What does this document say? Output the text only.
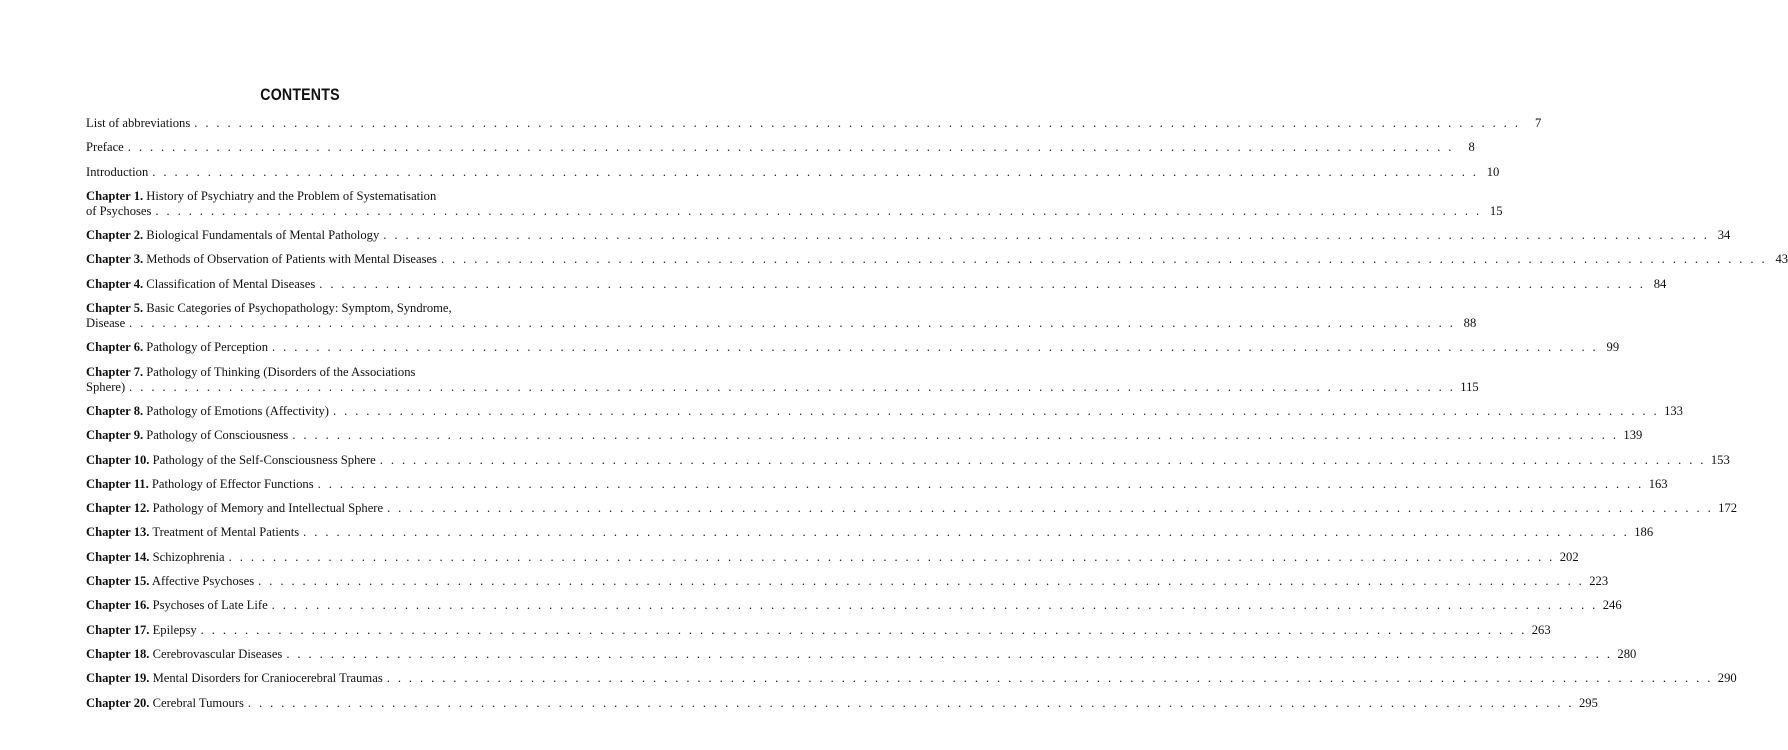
CONTENTS
List of abbreviations . . . . . . . . . . . . . . . . . . . . . . . . . . . . . . . . . . . . . . . . . . . . . . . . . . . . . . . . . . . . . . . . . . . . . . . . . . . . . . . . . . . . . . . . . . . . . . . . . . . . . . . . . . . . . . . . . . . . . . . .	7
Preface . . . . . . . . . . . . . . . . . . . . . . . . . . . . . . . . . . . . . . . . . . . . . . . . . . . . . . . . . . . . . . . . . . . . . . . . . . . . . . . . . . . . . . . . . . . . . . . . . . . . . . . . . . . . . . . . . . . . . . . .	8
Introduction . . . . . . . . . . . . . . . . . . . . . . . . . . . . . . . . . . . . . . . . . . . . . . . . . . . . . . . . . . . . . . . . . . . . . . . . . . . . . . . . . . . . . . . . . . . . . . . . . . . . . . . . . . . . . . . . . . . . . . . . 10
Chapter 1. History of Psychiatry and the Problem of Systematisation
of Psychoses . . . . . . . . . . . . . . . . . . . . . . . . . . . . . . . . . . . . . . . . . . . . . . . . . . . . . . . . . . . . . . . . . . . . . . . . . . . . . . . . . . . . . . . . . . . . . . . . . . . . . . . . . . . . . . . . . . . . . . . . 15
Chapter 2. Biological Fundamentals of Mental Pathology . . . . . . . . . . . . . . . . . . . . . . . . . . . . . . . . . . . . . . . . . . . . . . . . . . . . . . . . . . . . . . . . . . . . . . . . . . . . . . . . . . . . . . . . . . . . . . . . . . . . . . . . . . . . . . . . . . . . . . . . 34
Chapter 3. Methods of Observation of Patients with Mental Diseases . . . . . . . . . . . . . . . . . . . . . . . . . . . . . . . . . . . . . . . . . . . . . . . . . . . . . . . . . . . . . . . . . . . . . . . . . . . . . . . . . . . . . . . . . . . . . . . . . . . . . . . . . . . . . . . . . . . . . . . . 43
Chapter 4. Classification of Mental Diseases . . . . . . . . . . . . . . . . . . . . . . . . . . . . . . . . . . . . . . . . . . . . . . . . . . . . . . . . . . . . . . . . . . . . . . . . . . . . . . . . . . . . . . . . . . . . . . . . . . . . . . . . . . . . . . . . . . . . . . . . 84
Chapter 5. Basic Categories of Psychopathology: Symptom, Syndrome,
Disease . . . . . . . . . . . . . . . . . . . . . . . . . . . . . . . . . . . . . . . . . . . . . . . . . . . . . . . . . . . . . . . . . . . . . . . . . . . . . . . . . . . . . . . . . . . . . . . . . . . . . . . . . . . . . . . . . . . . . . . . 88
Chapter 6. Pathology of Perception . . . . . . . . . . . . . . . . . . . . . . . . . . . . . . . . . . . . . . . . . . . . . . . . . . . . . . . . . . . . . . . . . . . . . . . . . . . . . . . . . . . . . . . . . . . . . . . . . . . . . . . . . . . . . . . . . . . . . . . . 99
Chapter 7. Pathology of Thinking (Disorders of the Associations
Sphere) . . . . . . . . . . . . . . . . . . . . . . . . . . . . . . . . . . . . . . . . . . . . . . . . . . . . . . . . . . . . . . . . . . . . . . . . . . . . . . . . . . . . . . . . . . . . . . . . . . . . . . . . . . . . . . . . . . . . . . . . 115
Chapter 8. Pathology of Emotions (Affectivity) . . . . . . . . . . . . . . . . . . . . . . . . . . . . . . . . . . . . . . . . . . . . . . . . . . . . . . . . . . . . . . . . . . . . . . . . . . . . . . . . . . . . . . . . . . . . . . . . . . . . . . . . . . . . . . . . . . . . . . . . 133
Chapter 9. Pathology of Consciousness . . . . . . . . . . . . . . . . . . . . . . . . . . . . . . . . . . . . . . . . . . . . . . . . . . . . . . . . . . . . . . . . . . . . . . . . . . . . . . . . . . . . . . . . . . . . . . . . . . . . . . . . . . . . . . . . . . . . . . . . 139
Chapter 10. Pathology of the Self-Consciousness Sphere . . . . . . . . . . . . . . . . . . . . . . . . . . . . . . . . . . . . . . . . . . . . . . . . . . . . . . . . . . . . . . . . . . . . . . . . . . . . . . . . . . . . . . . . . . . . . . . . . . . . . . . . . . . . . . . . . . . . . . . . 153
Chapter 11. Pathology of Effector Functions . . . . . . . . . . . . . . . . . . . . . . . . . . . . . . . . . . . . . . . . . . . . . . . . . . . . . . . . . . . . . . . . . . . . . . . . . . . . . . . . . . . . . . . . . . . . . . . . . . . . . . . . . . . . . . . . . . . . . . . . 163
Chapter 12. Pathology of Memory and Intellectual Sphere . . . . . . . . . . . . . . . . . . . . . . . . . . . . . . . . . . . . . . . . . . . . . . . . . . . . . . . . . . . . . . . . . . . . . . . . . . . . . . . . . . . . . . . . . . . . . . . . . . . . . . . . . . . . . . . . . . . . . . . . 172
Chapter 13. Treatment of Mental Patients . . . . . . . . . . . . . . . . . . . . . . . . . . . . . . . . . . . . . . . . . . . . . . . . . . . . . . . . . . . . . . . . . . . . . . . . . . . . . . . . . . . . . . . . . . . . . . . . . . . . . . . . . . . . . . . . . . . . . . . . 186
Chapter 14. Schizophrenia . . . . . . . . . . . . . . . . . . . . . . . . . . . . . . . . . . . . . . . . . . . . . . . . . . . . . . . . . . . . . . . . . . . . . . . . . . . . . . . . . . . . . . . . . . . . . . . . . . . . . . . . . . . . . . . . . . . . . . . . 202
Chapter 15. Affective Psychoses . . . . . . . . . . . . . . . . . . . . . . . . . . . . . . . . . . . . . . . . . . . . . . . . . . . . . . . . . . . . . . . . . . . . . . . . . . . . . . . . . . . . . . . . . . . . . . . . . . . . . . . . . . . . . . . . . . . . . . . . 223
Chapter 16. Psychoses of Late Life . . . . . . . . . . . . . . . . . . . . . . . . . . . . . . . . . . . . . . . . . . . . . . . . . . . . . . . . . . . . . . . . . . . . . . . . . . . . . . . . . . . . . . . . . . . . . . . . . . . . . . . . . . . . . . . . . . . . . . . . 246
Chapter 17. Epilepsy . . . . . . . . . . . . . . . . . . . . . . . . . . . . . . . . . . . . . . . . . . . . . . . . . . . . . . . . . . . . . . . . . . . . . . . . . . . . . . . . . . . . . . . . . . . . . . . . . . . . . . . . . . . . . . . . . . . . . . . . 263
Chapter 18. Cerebrovascular Diseases . . . . . . . . . . . . . . . . . . . . . . . . . . . . . . . . . . . . . . . . . . . . . . . . . . . . . . . . . . . . . . . . . . . . . . . . . . . . . . . . . . . . . . . . . . . . . . . . . . . . . . . . . . . . . . . . . . . . . . . . 280
Chapter 19. Mental Disorders for Craniocerebral Traumas . . . . . . . . . . . . . . . . . . . . . . . . . . . . . . . . . . . . . . . . . . . . . . . . . . . . . . . . . . . . . . . . . . . . . . . . . . . . . . . . . . . . . . . . . . . . . . . . . . . . . . . . . . . . . . . . . . . . . . . . 290
Chapter 20. Cerebral Tumours . . . . . . . . . . . . . . . . . . . . . . . . . . . . . . . . . . . . . . . . . . . . . . . . . . . . . . . . . . . . . . . . . . . . . . . . . . . . . . . . . . . . . . . . . . . . . . . . . . . . . . . . . . . . . . . . . . . . . . . . 295
